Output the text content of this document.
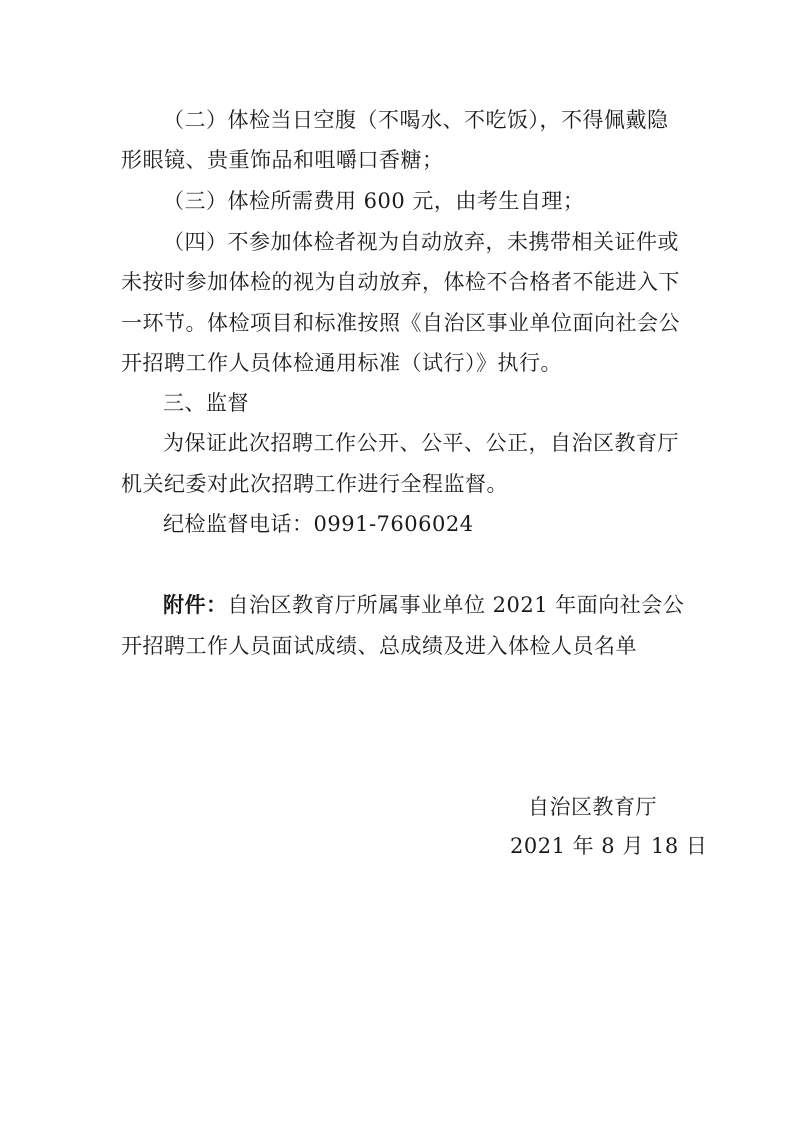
（二）体检当日空腹（不喝水、不吃饭），不得佩戴隐
形眼镜、贵重饰品和咀嚼口香糖；
（三）体检所需费用 600 元，由考生自理；
（四）不参加体检者视为自动放弃，未携带相关证件或
未按时参加体检的视为自动放弃，体检不合格者不能进入下
一环节。体检项目和标准按照《自治区事业单位面向社会公
开招聘工作人员体检通用标准（试行）》执行。
三、监督
为保证此次招聘工作公开、公平、公正，自治区教育厅
机关纪委对此次招聘工作进行全程监督。
纪检监督电话：0991-7606024
附件：自治区教育厅所属事业单位 2021 年面向社会公
开招聘工作人员面试成绩、总成绩及进入体检人员名单
自治区教育厅
2021 年 8 月 18 日
